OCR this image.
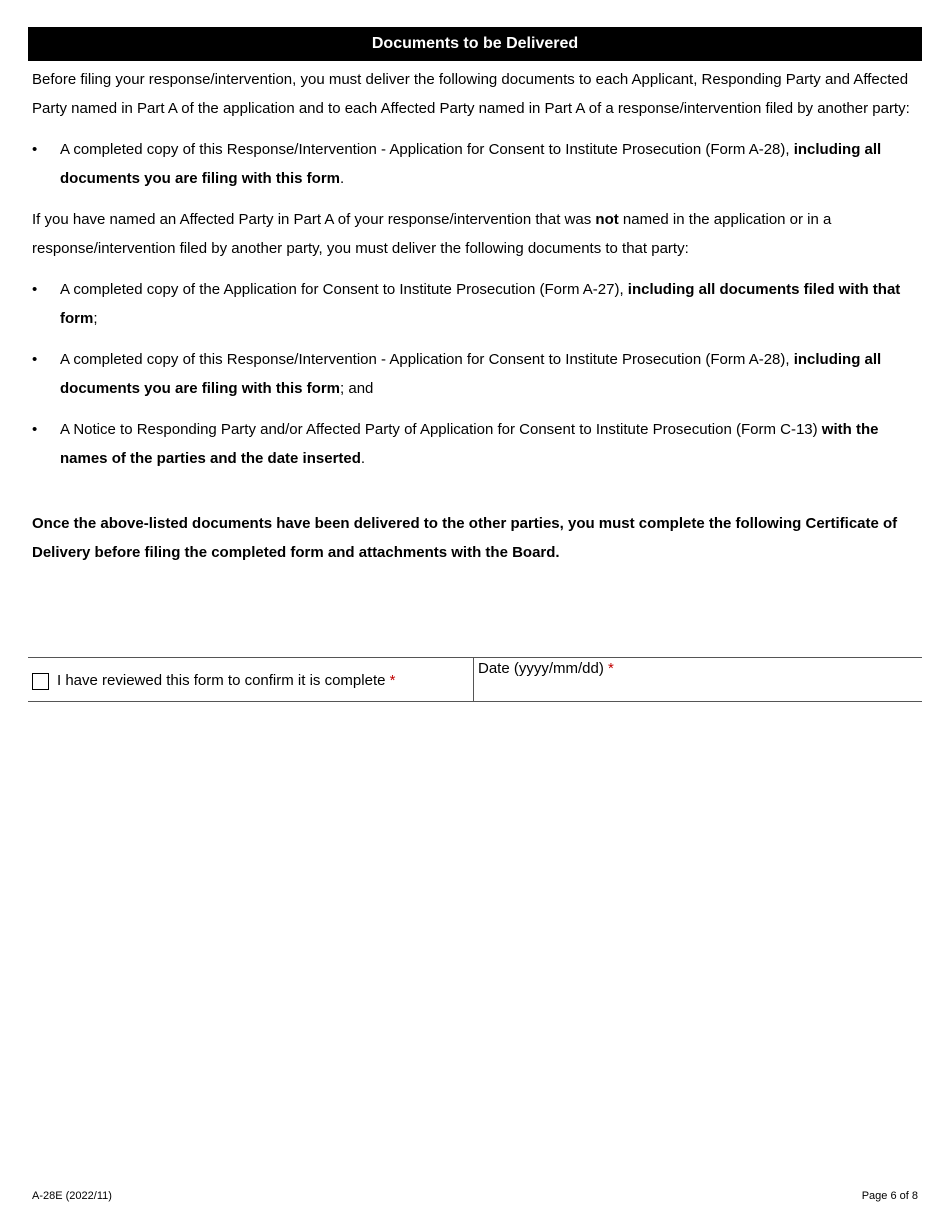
Documents to be Delivered

Before filing your response/intervention, you must deliver the following documents to each Applicant, Responding Party and Affected Party named in Part A of the application and to each Affected Party named in Part A of a response/intervention filed by another party:

• A completed copy of this Response/Intervention - Application for Consent to Institute Prosecution (Form A-28), including all documents you are filing with this form.

If you have named an Affected Party in Part A of your response/intervention that was not named in the application or in a response/intervention filed by another party, you must deliver the following documents to that party:

• A completed copy of the Application for Consent to Institute Prosecution (Form A-27), including all documents filed with that form;
• A completed copy of this Response/Intervention - Application for Consent to Institute Prosecution (Form A-28), including all documents you are filing with this form; and
• A Notice to Responding Party and/or Affected Party of Application for Consent to Institute Prosecution (Form C-13) with the names of the parties and the date inserted.

Once the above-listed documents have been delivered to the other parties, you must complete the following Certificate of Delivery before filing the completed form and attachments with the Board.

I have reviewed this form to confirm it is complete *
Date (yyyy/mm/dd) *
A-28E (2022/11)	Page 6 of 8
